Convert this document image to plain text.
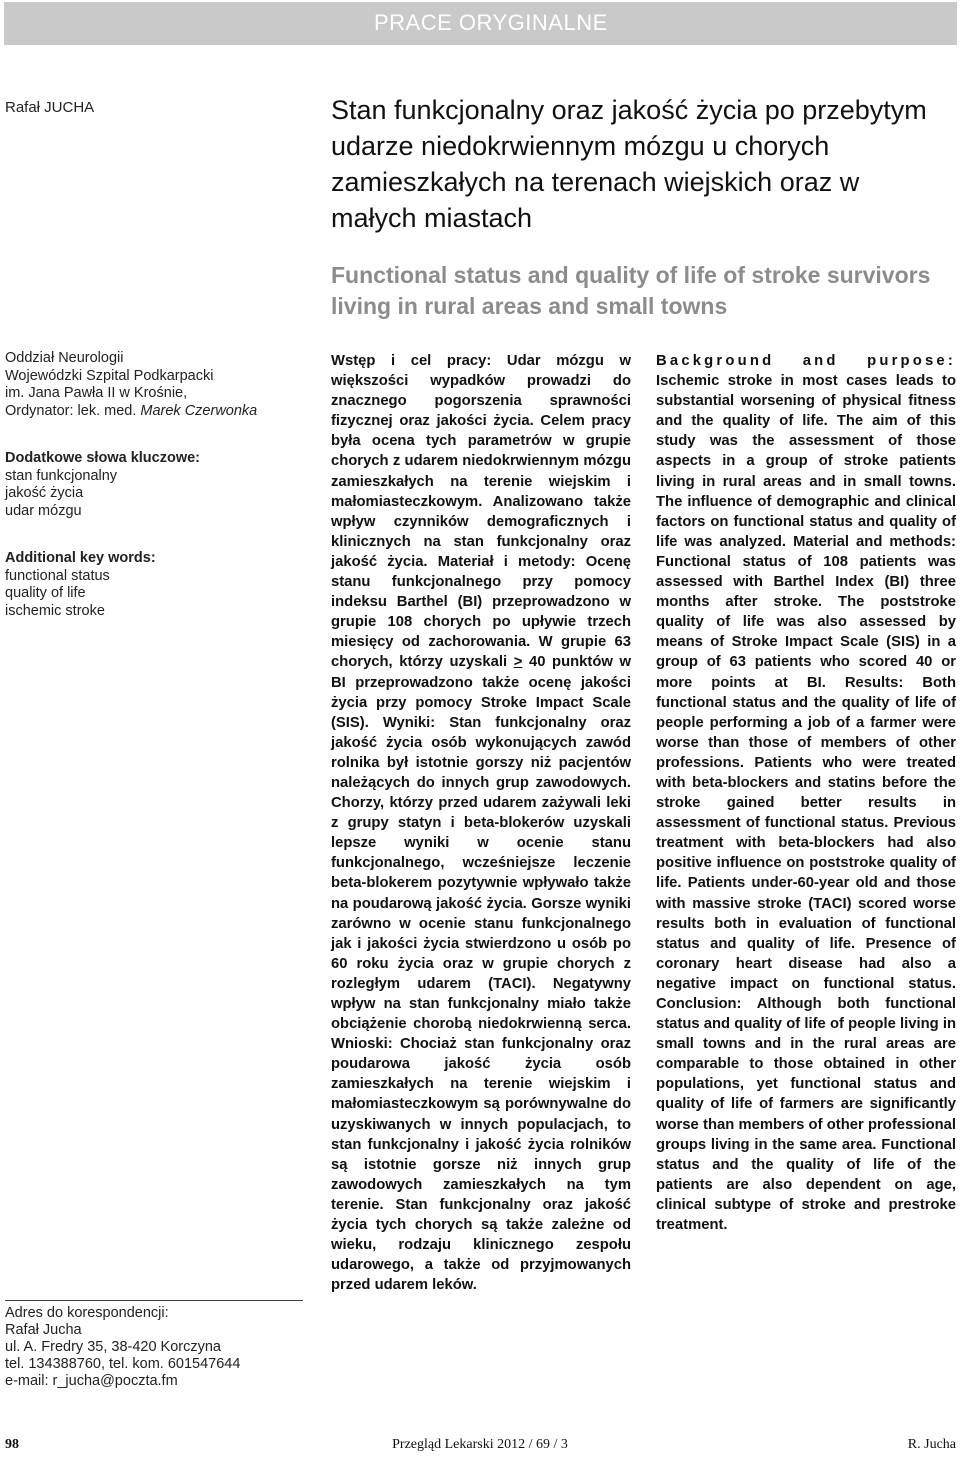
PRACE ORYGINALNE
Rafał JUCHA	Stan funkcjonalny oraz jakość życia po przebytym udarze niedokrwiennym mózgu u chorych zamieszkałych na terenach wiejskich oraz w małych miastach
Functional status and quality of life of stroke survivors living in rural areas and small towns
Oddział Neurologii
Wojewódzki Szpital Podkarpacki
im. Jana Pawła II w Krośnie,
Ordynator: lek. med. Marek Czerwonka
Dodatkowe słowa kluczowe:
stan funkcjonalny
jakość życia
udar mózgu
Additional key words:
functional status
quality of life
ischemic stroke
Adres do korespondencji:
Rafał Jucha
ul. A. Fredry 35, 38-420 Korczyna
tel. 134388760, tel. kom. 601547644
e-mail: r_jucha@poczta.fm
Wstęp i cel pracy: Udar mózgu w większości wypadków prowadzi do znacznego pogorszenia sprawności fizycznej oraz jakości życia. Celem pracy była ocena tych parametrów w grupie chorych z udarem niedokrwiennym mózgu zamieszkałych na terenie wiejskim i małomiasteczkowym. Analizowano także wpływ czynników demograficznych i klinicznych na stan funkcjonalny oraz jakość życia. Materiał i metody: Ocenę stanu funkcjonalnego przy pomocy indeksu Barthel (BI) przeprowadzono w grupie 108 chorych po upływie trzech miesięcy od zachorowania. W grupie 63 chorych, którzy uzyskali ≥ 40 punktów w BI przeprowadzono także ocenę jakości życia przy pomocy Stroke Impact Scale (SIS). Wyniki: Stan funkcjonalny oraz jakość życia osób wykonujących zawód rolnika był istotnie gorszy niż pacjentów należących do innych grup zawodowych. Chorzy, którzy przed udarem zażywali leki z grupy statyn i beta-blokerów uzyskali lepsze wyniki w ocenie stanu funkcjonalnego, wcześniejsze leczenie beta-blokerem pozytywnie wpływało także na poudarową jakość życia. Gorsze wyniki zarówno w ocenie stanu funkcjonalnego jak i jakości życia stwierdzono u osób po 60 roku życia oraz w grupie chorych z rozległym udarem (TACI). Negatywny wpływ na stan funkcjonalny miało także obciążenie chorobą niedokrwienną serca. Wnioski: Chociaż stan funkcjonalny oraz poudarowa jakość życia osób zamieszkałych na terenie wiejskim i małomiasteczkowym są porównywalne do uzyskiwanych w innych populacjach, to stan funkcjonalny i jakość życia rolników są istotnie gorsze niż innych grup zawodowych zamieszkałych na tym terenie. Stan funkcjonalny oraz jakość życia tych chorych są także zależne od wieku, rodzaju klinicznego zespołu udarowego, a także od przyjmowanych przed udarem leków.
Background and purpose: Ischemic stroke in most cases leads to substantial worsening of physical fitness and the quality of life. The aim of this study was the assessment of those aspects in a group of stroke patients living in rural areas and in small towns. The influence of demographic and clinical factors on functional status and quality of life was analyzed. Material and methods: Functional status of 108 patients was assessed with Barthel Index (BI) three months after stroke. The poststroke quality of life was also assessed by means of Stroke Impact Scale (SIS) in a group of 63 patients who scored 40 or more points at BI. Results: Both functional status and the quality of life of people performing a job of a farmer were worse than those of members of other professions. Patients who were treated with beta-blockers and statins before the stroke gained better results in assessment of functional status. Previous treatment with beta-blockers had also positive influence on poststroke quality of life. Patients under-60-year old and those with massive stroke (TACI) scored worse results both in evaluation of functional status and quality of life. Presence of coronary heart disease had also a negative impact on functional status. Conclusion: Although both functional status and quality of life of people living in small towns and in the rural areas are comparable to those obtained in other populations, yet functional status and quality of life of farmers are significantly worse than members of other professional groups living in the same area. Functional status and the quality of life of the patients are also dependent on age, clinical subtype of stroke and prestroke treatment.
98	Przegląd Lekarski 2012 / 69 / 3	R. Jucha
